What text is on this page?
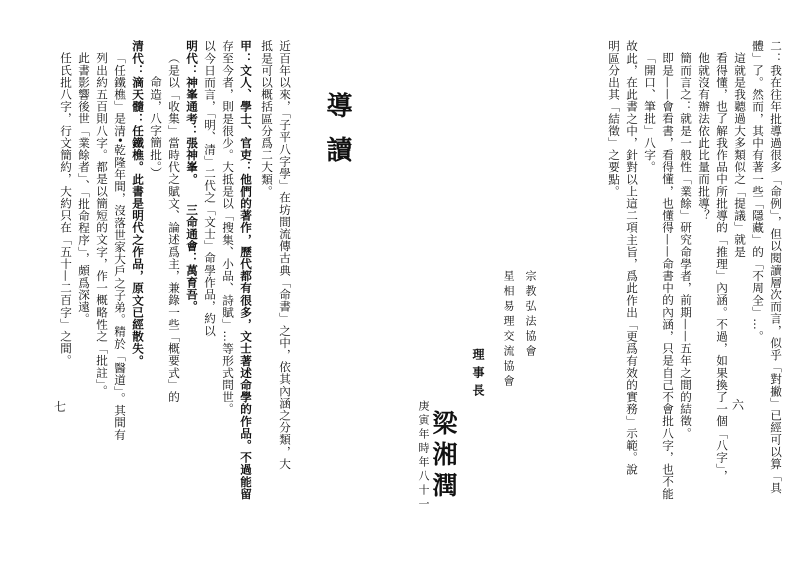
導讀
近百年以來，「子平八字學」在坊間流傳古典「命書」之中，依其內涵之分類，大
抵是可以概括區分爲二大類。
甲：文人、學士、官吏：他們的著作，歷代都有很多，文士著述命學的作品。不過能留
存至今者，則是很少。大抵是以「搜集、小品、詩賦」…等形式問世。
以今日而言，「明、清」二代之「文士」命學作品，約以
明代：神峯通考：張神峯。　　三命通會：萬育吾。
（是以「收集」當時代之賦文、論述爲主，兼錄一些「概要式」的
命造，八字簡批。）
清代：滴天髓：任鐵樵。此書是明代之作品，原文已經散失。
「任鐵樵」是清•乾隆年間，沒落世家大戶之子弟。精於「醫道」。其間有
列出約五百則八字。都是以簡短的文字，作一概略性之「批註」。
此書影響後世「業餘者」、「批命程序」，頗爲深遠。
任氏批八字，行文簡約，大約只在「五十—二百字」之間。
七	六 二：我在往年批導過很多「命例」，但以閱讀層次而言，似乎「對撇」已經可以算「具
體」了。然而，其中有著一些「隱藏」的「不周全」…。
這就是我聽過大多類似之「提議」就是
看得懂，也了解我作品中所批導的「推理」內涵。不過，如果換了一個「八字」，
他就沒有辦法依此比量而批導？
簡而言之：就是一般性「業餘」研究命學者，前期——五年之間的結徵。
即是——會看書，看得懂，也懂得——命書中的內涵，只是自己不會批八字，也不能
「開口、筆批」八字。
故此，在此書之中，針對以上這二項主旨，爲此作出「更爲有效的實務」示範。說
明區分出其「結徵」之要點。
宗教弘法協會
星相易理交流協會
理事長
梁湘潤
庚寅年時年八十一
